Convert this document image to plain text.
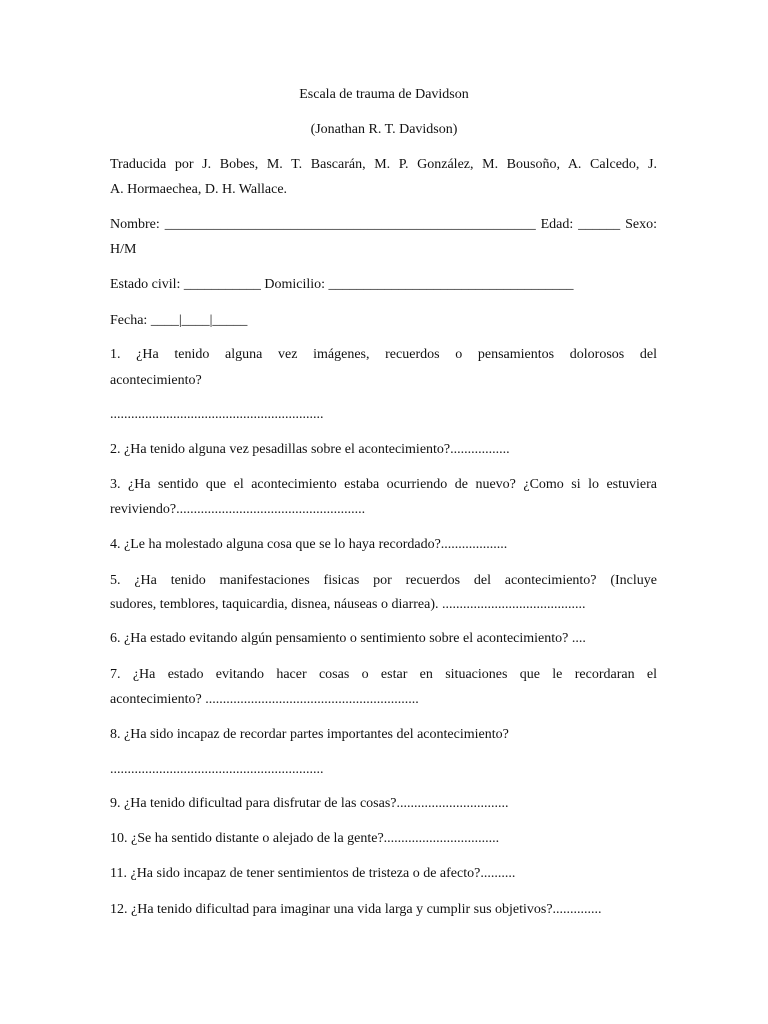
Escala de trauma de Davidson
(Jonathan R. T. Davidson)
Traducida por J. Bobes, M. T. Bascarán, M. P. González, M. Bousoño, A. Calcedo, J.
A. Hormaechea, D. H. Wallace.
Nombre: _____________________________________________________ Edad: ______ Sexo:
H/M
Estado civil: ___________ Domicilio: ___________________________________
Fecha: ____|____|_____
1. ¿Ha tenido alguna vez imágenes, recuerdos o pensamientos dolorosos del
acontecimiento?
.............................................................
2. ¿Ha tenido alguna vez pesadillas sobre el acontecimiento?.................
3. ¿Ha sentido que el acontecimiento estaba ocurriendo de nuevo? ¿Como si lo estuviera
reviviendo?......................................................
4. ¿Le ha molestado alguna cosa que se lo haya recordado?...................
5. ¿Ha tenido manifestaciones fisicas por recuerdos del acontecimiento? (Incluye
sudores, temblores, taquicardia, disnea, náuseas o diarrea). .........................................
6. ¿Ha estado evitando algún pensamiento o sentimiento sobre el acontecimiento? ....
7. ¿Ha estado evitando hacer cosas o estar en situaciones que le recordaran el
acontecimiento? .............................................................
8. ¿Ha sido incapaz de recordar partes importantes del acontecimiento?
.............................................................
9. ¿Ha tenido dificultad para disfrutar de las cosas?................................
10. ¿Se ha sentido distante o alejado de la gente?.................................
11. ¿Ha sido incapaz de tener sentimientos de tristeza o de afecto?..........
12. ¿Ha tenido dificultad para imaginar una vida larga y cumplir sus objetivos?..............
